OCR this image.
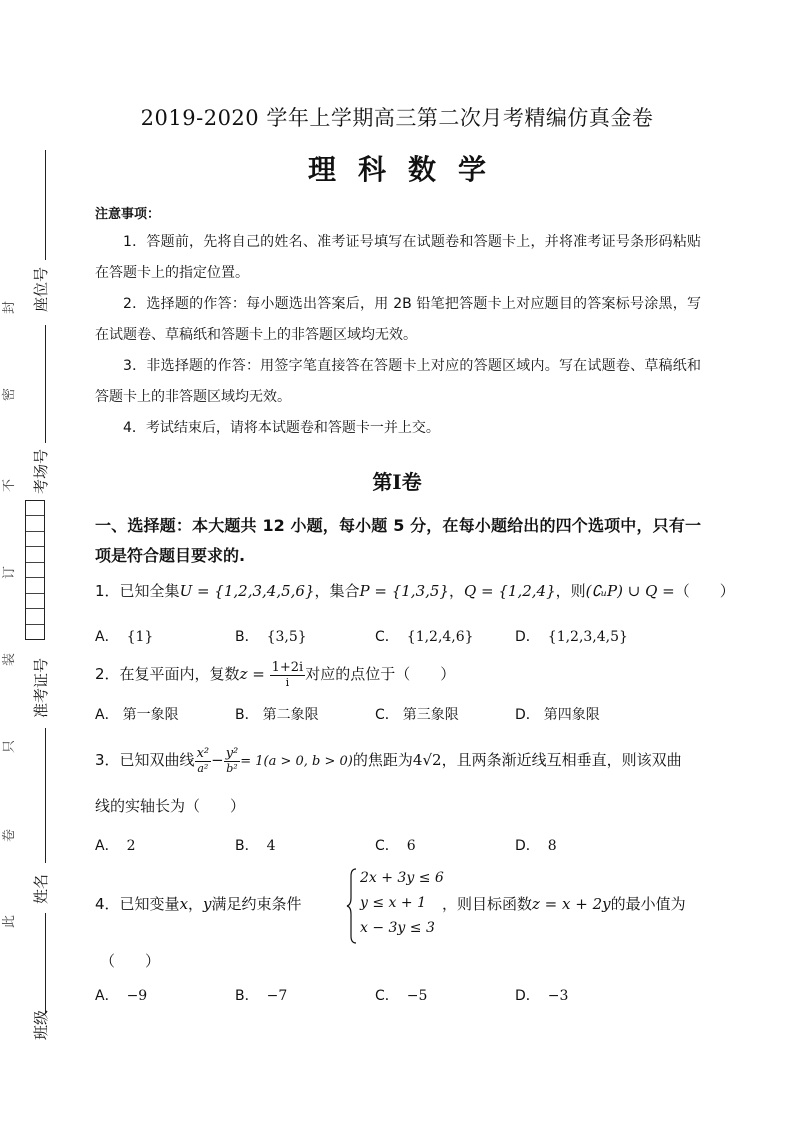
封
密
不
订
装
只
卷
此
座位号
考场号
准考证号
姓名
班级
2019-2020 学年上学期高三第二次月考精编仿真金卷
理科数学
注意事项：
1．答题前，先将自己的姓名、准考证号填写在试题卷和答题卡上，并将准考证号条形码粘贴在答题卡上的指定位置。
2．选择题的作答：每小题选出答案后，用 2B 铅笔把答题卡上对应题目的答案标号涂黑，写在试题卷、草稿纸和答题卡上的非答题区域均无效。
3．非选择题的作答：用签字笔直接答在答题卡上对应的答题区域内。写在试题卷、草稿纸和答题卡上的非答题区域均无效。
4．考试结束后，请将本试题卷和答题卡一并上交。
第Ⅰ卷
一、选择题：本大题共 12 小题，每小题 5 分，在每小题给出的四个选项中，只有一项是符合题目要求的.
1．已知全集U = {1,2,3,4,5,6}，集合P = {1,3,5}，Q = {1,2,4}，则(∁ᵤP) ∪ Q =（　　）
A． {1}	B． {3,5}	C． {1,2,4,6}	D． {1,2,3,4,5}
2．在复平面内，复数$z = \frac{1+2i}{i}$ 对应的点位于（　　）
A． 第一象限	B． 第二象限	C． 第三象限	D． 第四象限
3．已知双曲线 $\frac{\text{x²}}{\text{a²}} - \frac{\text{y²}}{\text{b²}} = 1(a > 0$, b > 0)的焦距为4√2，且两条渐近线互相垂直，则该双曲
线的实轴长为（　　）
A． 2	B． 4	C． 6	D． 8
4．已知变量x，y满足约束条件
2x + 3y ≤ 6
y ≤ x + 1
x − 3y ≤ 3
，则目标函数z = x + 2y的最小值为
（　　）
A． −9	B． −7	C． −5	D． −3
